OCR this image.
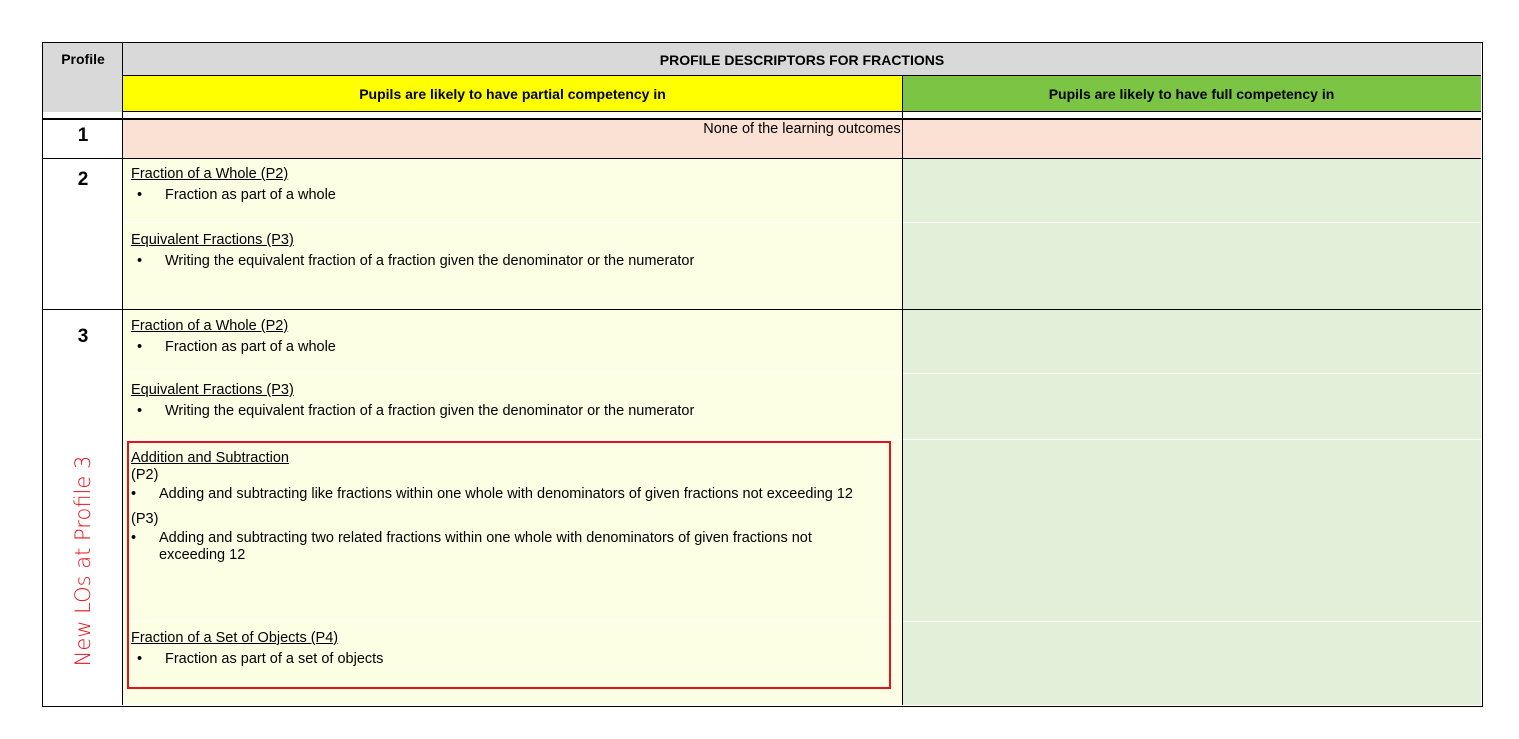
Profile	PROFILE DESCRIPTORS FOR FRACTIONS
Pupils are likely to have partial competency in	Pupils are likely to have full competency in
1	None of the learning outcomes
2	Fraction of a Whole (P2)
•	Fraction as part of a whole
Equivalent Fractions (P3)
•	Writing the equivalent fraction of a fraction given the denominator or the numerator
3
New LOs at Profile 3
Fraction of a Whole (P2)
•	Fraction as part of a whole
Equivalent Fractions (P3)
•	Writing the equivalent fraction of a fraction given the denominator or the numerator
Addition and Subtraction
(P2)
•	Adding and subtracting like fractions within one whole with denominators of given fractions not exceeding 12
(P3)
•	Adding and subtracting two related fractions within one whole with denominators of given fractions not exceeding 12
Fraction of a Set of Objects (P4)
•	Fraction as part of a set of objects
